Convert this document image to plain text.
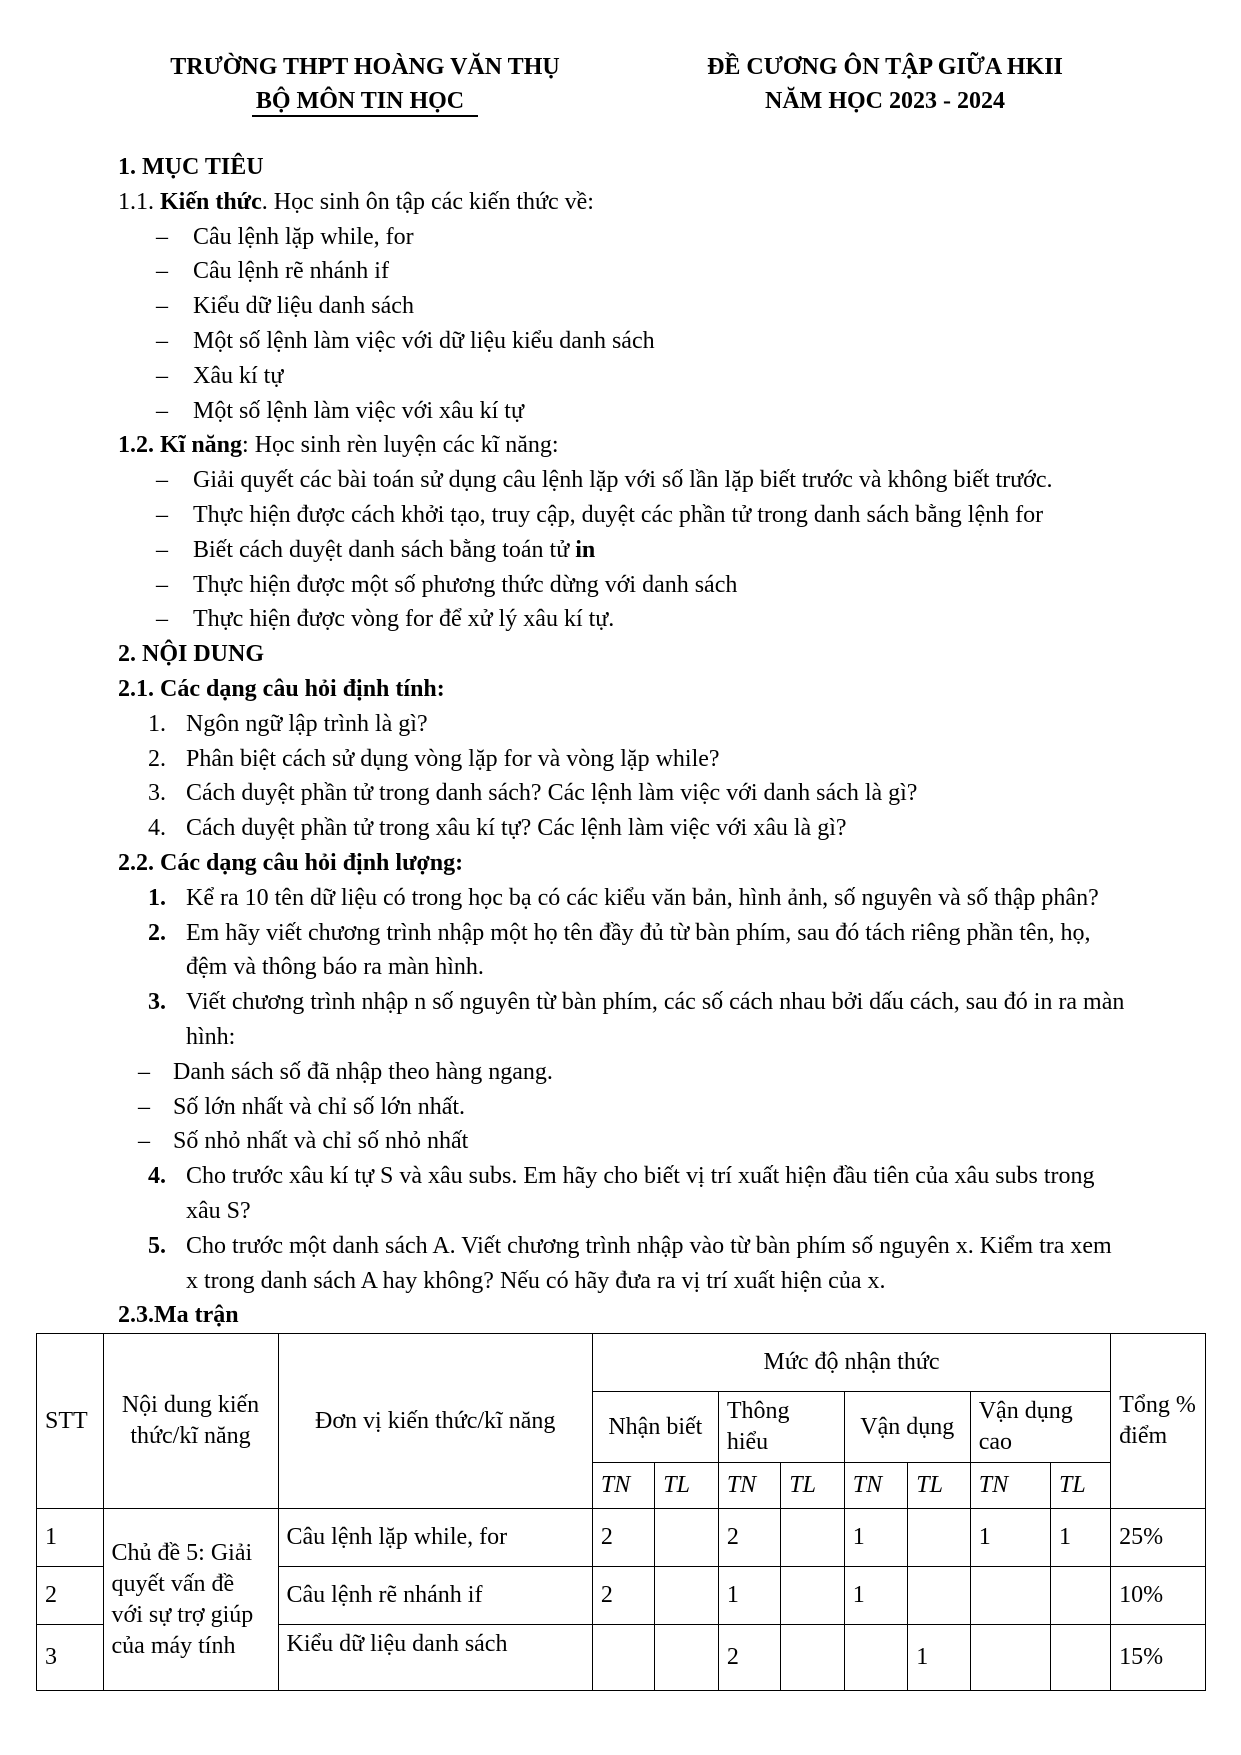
TRƯỜNG THPT HOÀNG VĂN THỤ
BỘ MÔN TIN HỌC
ĐỀ CƯƠNG ÔN TẬP GIỮA HKII
NĂM HỌC 2023 - 2024

1. MỤC TIÊU

1.1. Kiến thức. Học sinh ôn tập các kiến thức về:

– Câu lệnh lặp while, for
– Câu lệnh rẽ nhánh if
– Kiểu dữ liệu danh sách
– Một số lệnh làm việc với dữ liệu kiểu danh sách
– Xâu kí tự
– Một số lệnh làm việc với xâu kí tự

1.2. Kĩ năng: Học sinh rèn luyện các kĩ năng:

– Giải quyết các bài toán sử dụng câu lệnh lặp với số lần lặp biết trước và không biết trước.
– Thực hiện được cách khởi tạo, truy cập, duyệt các phần tử trong danh sách bằng lệnh for
– Biết cách duyệt danh sách bằng toán tử in
– Thực hiện được một số phương thức dừng với danh sách
– Thực hiện được vòng for để xử lý xâu kí tự.

2. NỘI DUNG

2.1. Các dạng câu hỏi định tính:

1. Ngôn ngữ lập trình là gì?
2. Phân biệt cách sử dụng vòng lặp for và vòng lặp while?
3. Cách duyệt phần tử trong danh sách? Các lệnh làm việc với danh sách là gì?
4. Cách duyệt phần tử trong xâu kí tự? Các lệnh làm việc với xâu là gì?

2.2. Các dạng câu hỏi định lượng:

1. Kể ra 10 tên dữ liệu có trong học bạ có các kiểu văn bản, hình ảnh, số nguyên và số thập phân?
2. Em hãy viết chương trình nhập một họ tên đầy đủ từ bàn phím, sau đó tách riêng phần tên, họ, đệm và thông báo ra màn hình.
3. Viết chương trình nhập n số nguyên từ bàn phím, các số cách nhau bởi dấu cách, sau đó in ra màn hình:
– Danh sách số đã nhập theo hàng ngang.
– Số lớn nhất và chỉ số lớn nhất.
– Số nhỏ nhất và chỉ số nhỏ nhất
4. Cho trước xâu kí tự S và xâu subs. Em hãy cho biết vị trí xuất hiện đầu tiên của xâu subs trong xâu S?
5. Cho trước một danh sách A. Viết chương trình nhập vào từ bàn phím số nguyên x. Kiểm tra xem x trong danh sách A hay không? Nếu có hãy đưa ra vị trí xuất hiện của x.

2.3.Ma trận

STT	Nội dung kiến thức/kĩ năng	Đơn vị kiến thức/kĩ năng	Mức độ nhận thức								Tổng % điểm
			Nhận biết		Thông hiểu		Vận dụng		Vận dụng cao		
			TN	TL	TN	TL	TN	TL	TN	TL	
1	Chủ đề 5: Giải quyết vấn đề với sự trợ giúp của máy tính	Câu lệnh lặp while, for	2		2		1		1	1	25%
2		Câu lệnh rẽ nhánh if	2		1		1				10%
3		Kiểu dữ liệu danh sách			2			1			15%
